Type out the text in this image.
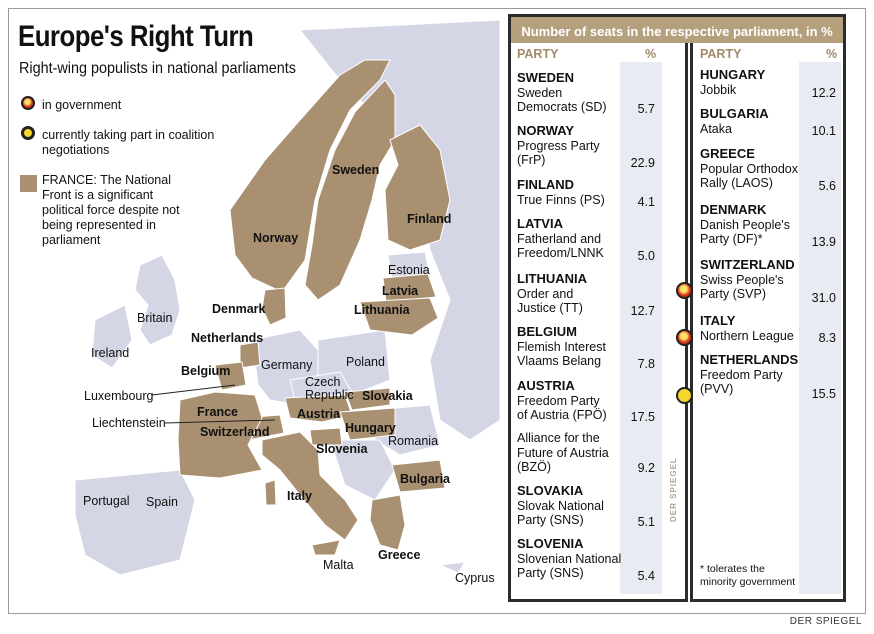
Europe's Right Turn
Right-wing populists in national parliaments
in government
currently taking part in coalition negotiations
FRANCE: The National Front is a significant political force despite not being represented in parliament
Sweden
Norway
Finland
Estonia
Latvia
Lithuania
Denmark
Britain
Netherlands
Ireland
Germany	Poland
Belgium
Czech Republic Slovakia
Luxembourg
France	Austria
Liechtenstein
Switzerland	Hungary
Romania
Slovenia
Bulgaria
Portugal Spain	Italy
Greece
Malta
Cyprus
Number of seats in the respective parliament, in %
PARTY	%	PARTY	%
SWEDEN
Sweden Democrats (SD)	5.7
NORWAY
Progress Party (FrP)	22.9
FINLAND
True Finns (PS)	4.1
LATVIA
Fatherland and Freedom/LNNK	5.0
LITHUANIA
Order and Justice (TT)	12.7
BELGIUM
Flemish Interest Vlaams Belang	7.8
AUSTRIA
Freedom Party of Austria (FPÖ)	17.5
Alliance for the Future of Austria (BZÖ)	9.2
SLOVAKIA
Slovak National Party (SNS)	5.1
SLOVENIA
Slovenian National Party (SNS)	5.4
DER SPIEGEL
HUNGARY
Jobbik	12.2
BULGARIA
Ataka	10.1
GREECE
Popular Orthodox Rally (LAOS)	5.6
DENMARK
Danish People's Party (DF)*	13.9
SWITZERLAND
Swiss People's Party (SVP)	31.0
ITALY
Northern League	8.3
NETHERLANDS
Freedom Party (PVV)	15.5
* tolerates the minority government
DER SPIEGEL
